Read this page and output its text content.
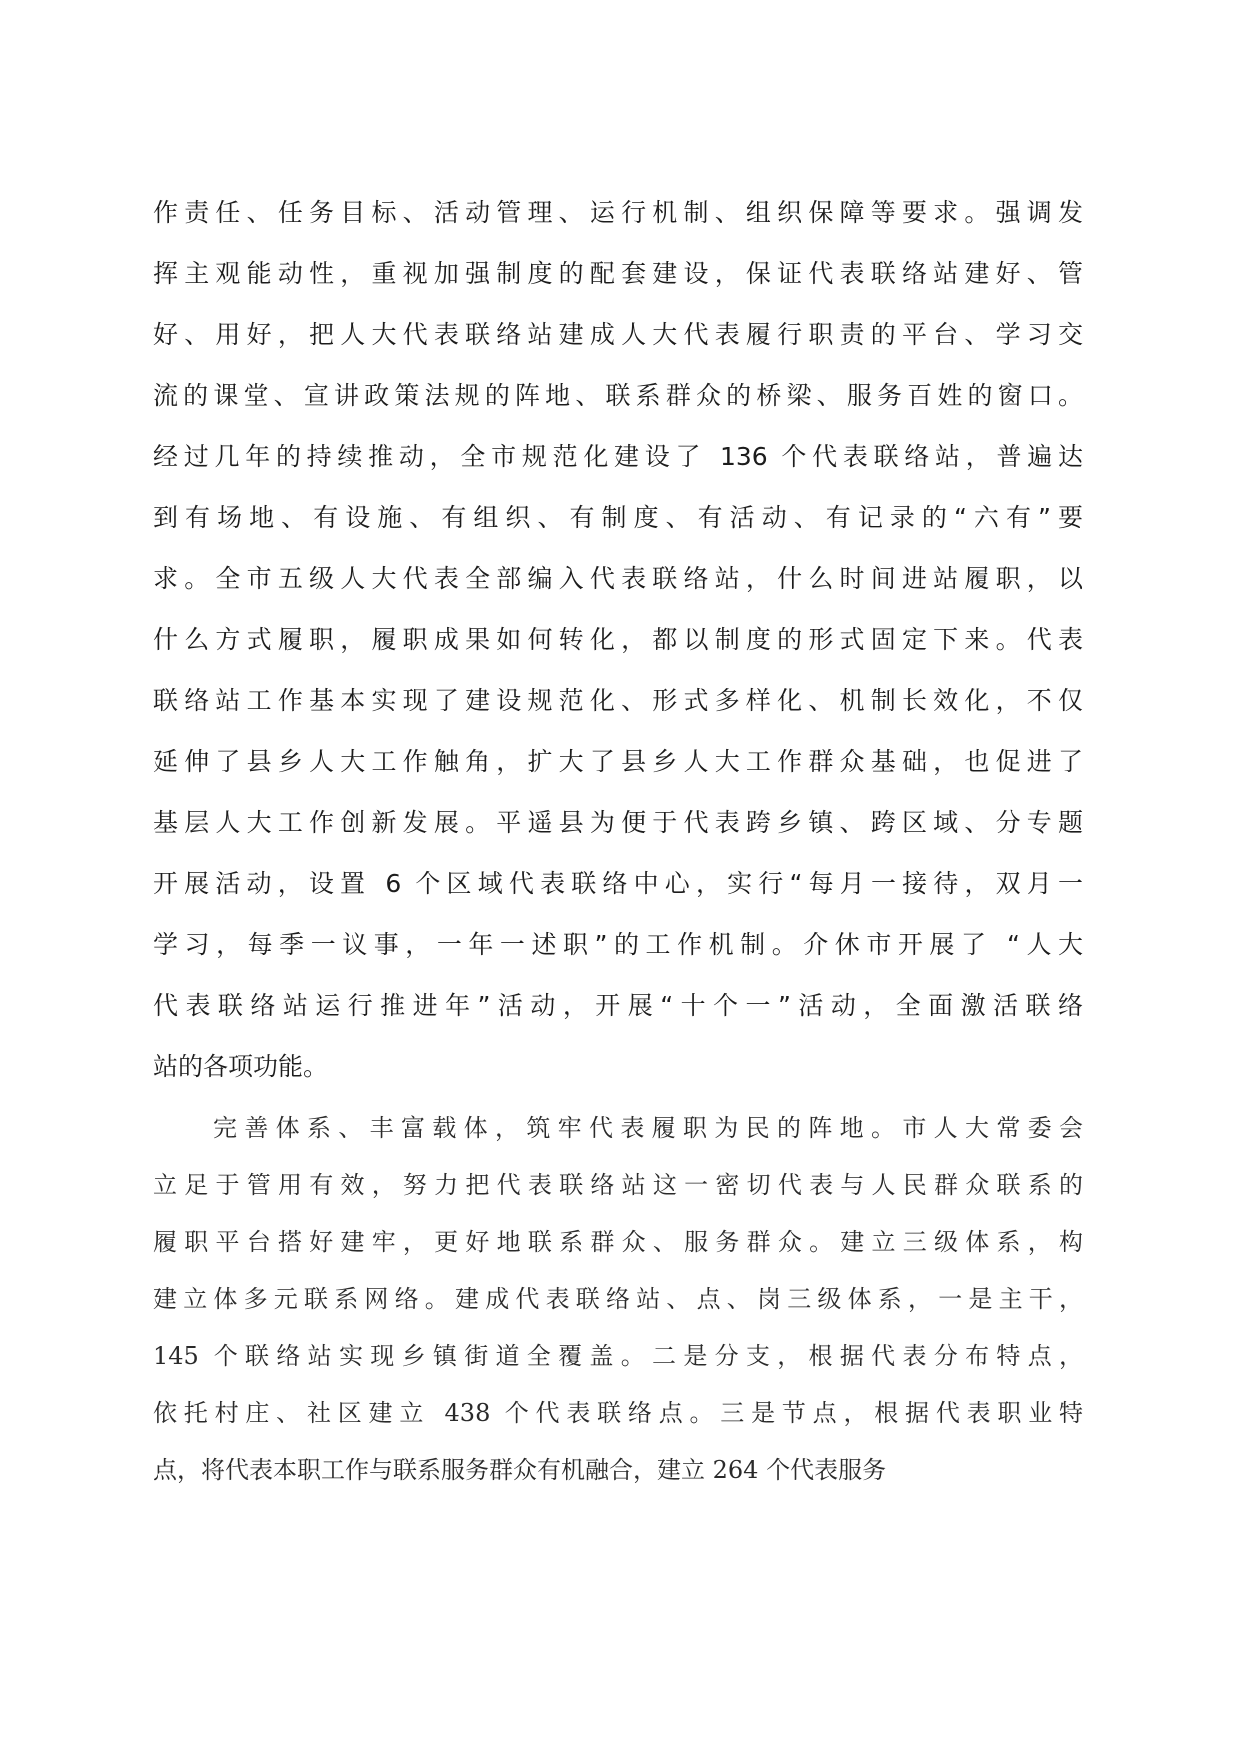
作责任、任务目标、活动管理、运行机制、组织保障等要求。强调发
挥主观能动性，重视加强制度的配套建设，保证代表联络站建好、管
好、用好，把人大代表联络站建成人大代表履行职责的平台、学习交
流的课堂、宣讲政策法规的阵地、联系群众的桥梁、服务百姓的窗口。
经过几年的持续推动，全市规范化建设了 136 个代表联络站，普遍达
到有场地、有设施、有组织、有制度、有活动、有记录的“六有”要
求。全市五级人大代表全部编入代表联络站，什么时间进站履职，以
什么方式履职，履职成果如何转化，都以制度的形式固定下来。代表
联络站工作基本实现了建设规范化、形式多样化、机制长效化，不仅
延伸了县乡人大工作触角，扩大了县乡人大工作群众基础，也促进了
基层人大工作创新发展。平遥县为便于代表跨乡镇、跨区域、分专题
开展活动，设置 6 个区域代表联络中心，实行“每月一接待，双月一
学习，每季一议事，一年一述职”的工作机制。介休市开展了 “人大
代表联络站运行推进年”活动，开展“十个一”活动，全面激活联络
站的各项功能。
完善体系、丰富载体，筑牢代表履职为民的阵地。市人大常委会
立足于管用有效，努力把代表联络站这一密切代表与人民群众联系的
履职平台搭好建牢，更好地联系群众、服务群众。建立三级体系，构
建立体多元联系网络。建成代表联络站、点、岗三级体系，一是主干，
145 个联络站实现乡镇街道全覆盖。二是分支，根据代表分布特点，
依托村庄、社区建立 438 个代表联络点。三是节点，根据代表职业特
点，将代表本职工作与联系服务群众有机融合，建立 264 个代表服务
